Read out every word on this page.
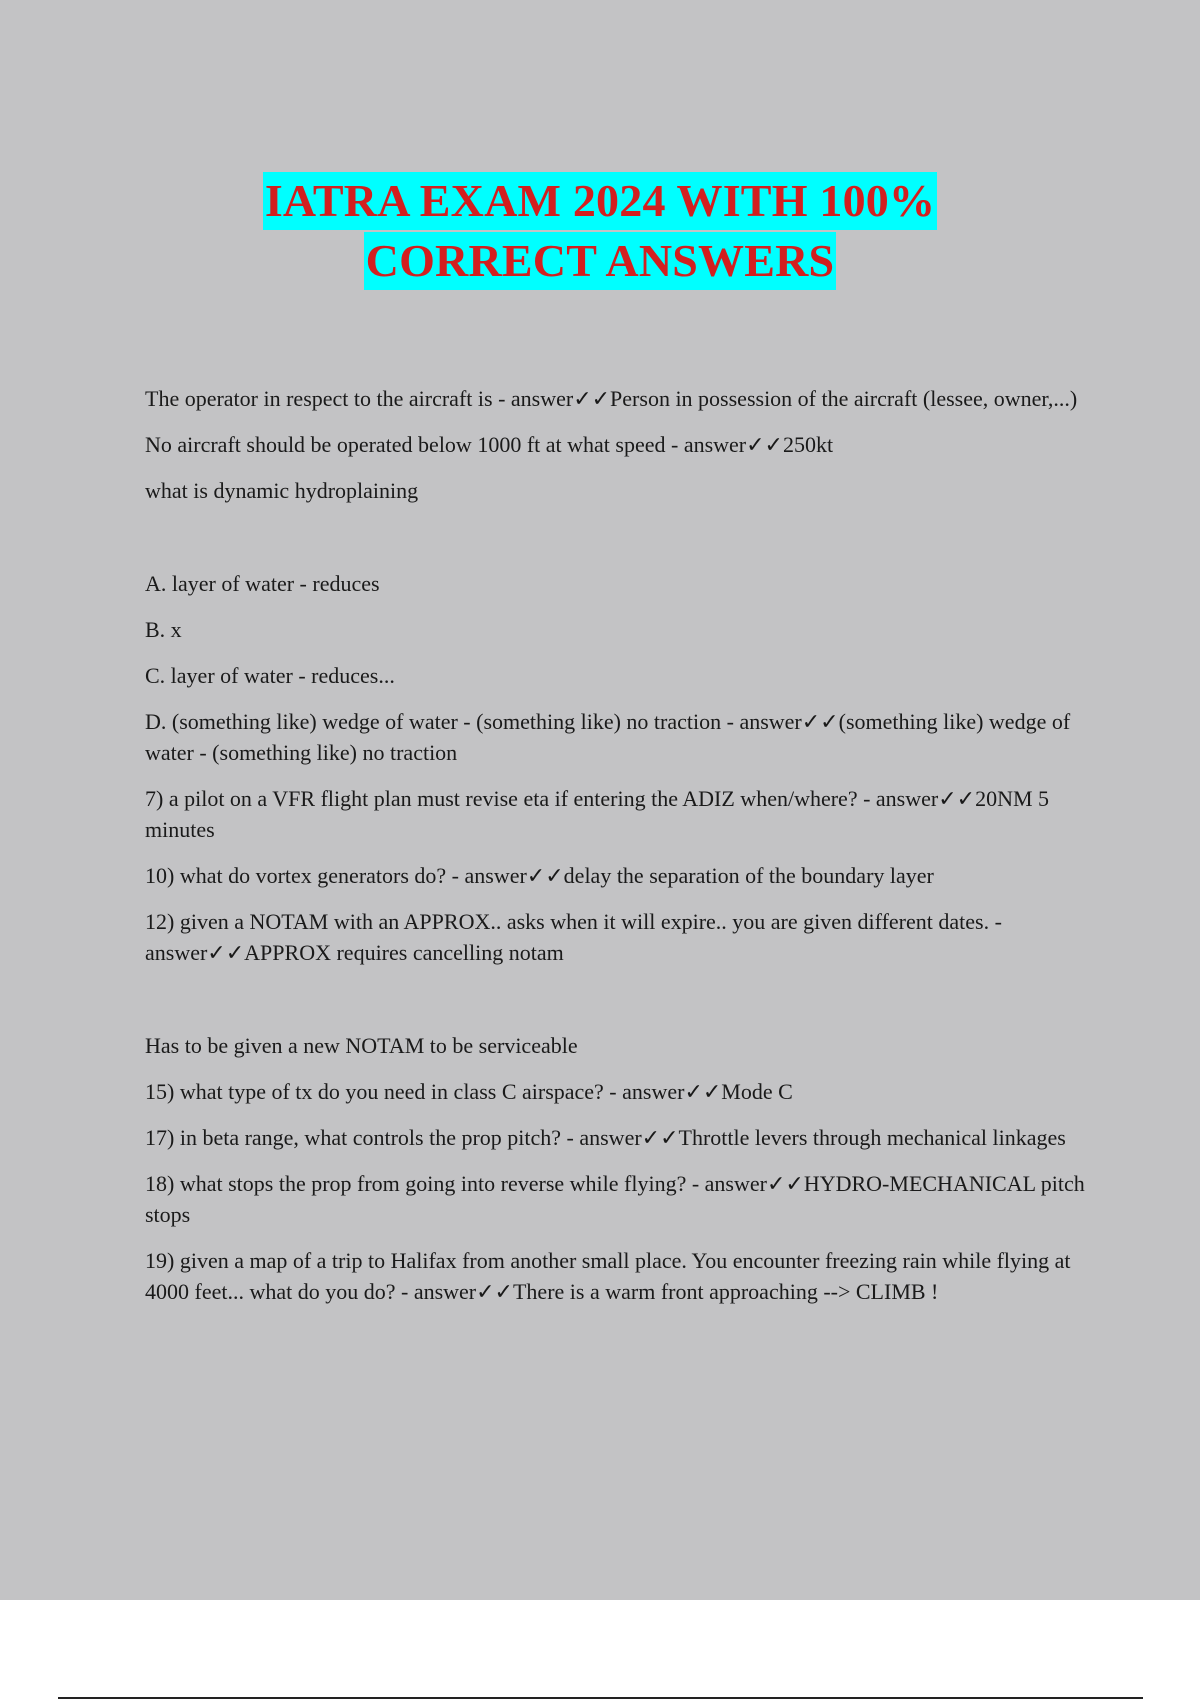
IATRA EXAM 2024 WITH 100%
CORRECT ANSWERS

The operator in respect to the aircraft is - answer✓✓Person in possession of the aircraft (lessee, owner,...)

No aircraft should be operated below 1000 ft at what speed - answer✓✓250kt

what is dynamic hydroplaining

A. layer of water - reduces

B. x

C. layer of water - reduces...

D. (something like) wedge of water - (something like) no traction - answer✓✓(something like) wedge of water - (something like) no traction

7) a pilot on a VFR flight plan must revise eta if entering the ADIZ when/where? - answer✓✓20NM 5 minutes

10) what do vortex generators do? - answer✓✓delay the separation of the boundary layer

12) given a NOTAM with an APPROX.. asks when it will expire.. you are given different dates. - answer✓✓APPROX requires cancelling notam

Has to be given a new NOTAM to be serviceable

15) what type of tx do you need in class C airspace? - answer✓✓Mode C

17) in beta range, what controls the prop pitch? - answer✓✓Throttle levers through mechanical linkages

18) what stops the prop from going into reverse while flying? - answer✓✓HYDRO-MECHANICAL pitch stops

19) given a map of a trip to Halifax from another small place. You encounter freezing rain while flying at 4000 feet... what do you do? - answer✓✓There is a warm front approaching --> CLIMB !
